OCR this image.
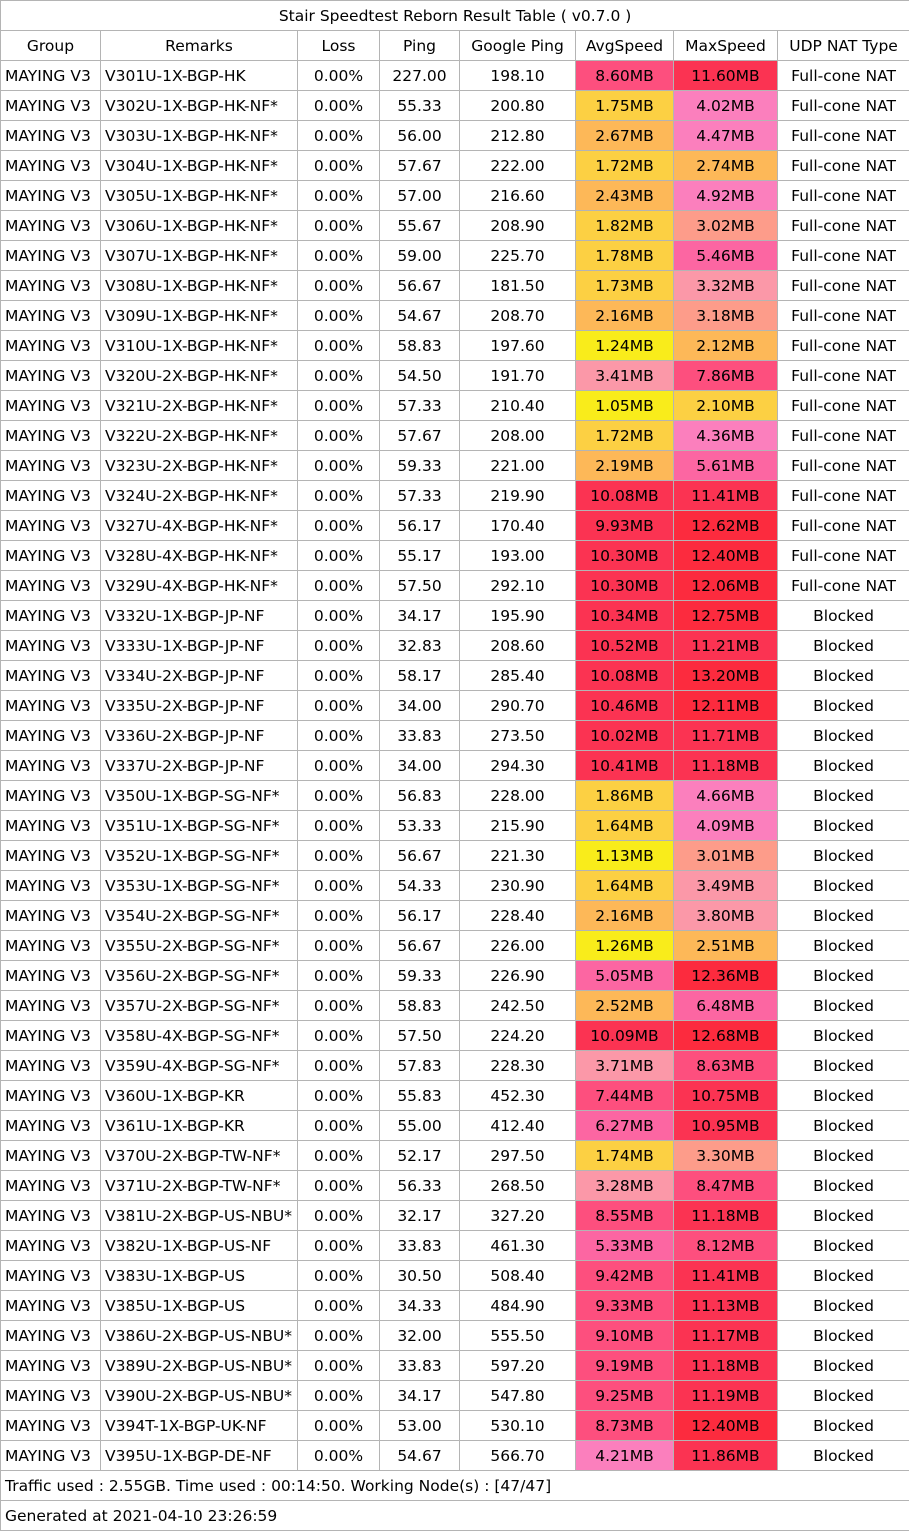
Stair Speedtest Reborn Result Table ( v0.7.0 )							
Group	Remarks	Loss	Ping	Google Ping	AvgSpeed	MaxSpeed	UDP NAT Type
MAYING V3	V301U-1X-BGP-HK	0.00%	227.00	198.10	8.60MB	11.60MB	Full-cone NAT
MAYING V3	V302U-1X-BGP-HK-NF*	0.00%	55.33	200.80	1.75MB	4.02MB	Full-cone NAT
MAYING V3	V303U-1X-BGP-HK-NF*	0.00%	56.00	212.80	2.67MB	4.47MB	Full-cone NAT
MAYING V3	V304U-1X-BGP-HK-NF*	0.00%	57.67	222.00	1.72MB	2.74MB	Full-cone NAT
MAYING V3	V305U-1X-BGP-HK-NF*	0.00%	57.00	216.60	2.43MB	4.92MB	Full-cone NAT
MAYING V3	V306U-1X-BGP-HK-NF*	0.00%	55.67	208.90	1.82MB	3.02MB	Full-cone NAT
MAYING V3	V307U-1X-BGP-HK-NF*	0.00%	59.00	225.70	1.78MB	5.46MB	Full-cone NAT
MAYING V3	V308U-1X-BGP-HK-NF*	0.00%	56.67	181.50	1.73MB	3.32MB	Full-cone NAT
MAYING V3	V309U-1X-BGP-HK-NF*	0.00%	54.67	208.70	2.16MB	3.18MB	Full-cone NAT
MAYING V3	V310U-1X-BGP-HK-NF*	0.00%	58.83	197.60	1.24MB	2.12MB	Full-cone NAT
MAYING V3	V320U-2X-BGP-HK-NF*	0.00%	54.50	191.70	3.41MB	7.86MB	Full-cone NAT
MAYING V3	V321U-2X-BGP-HK-NF*	0.00%	57.33	210.40	1.05MB	2.10MB	Full-cone NAT
MAYING V3	V322U-2X-BGP-HK-NF*	0.00%	57.67	208.00	1.72MB	4.36MB	Full-cone NAT
MAYING V3	V323U-2X-BGP-HK-NF*	0.00%	59.33	221.00	2.19MB	5.61MB	Full-cone NAT
MAYING V3	V324U-2X-BGP-HK-NF*	0.00%	57.33	219.90	10.08MB	11.41MB	Full-cone NAT
MAYING V3	V327U-4X-BGP-HK-NF*	0.00%	56.17	170.40	9.93MB	12.62MB	Full-cone NAT
MAYING V3	V328U-4X-BGP-HK-NF*	0.00%	55.17	193.00	10.30MB	12.40MB	Full-cone NAT
MAYING V3	V329U-4X-BGP-HK-NF*	0.00%	57.50	292.10	10.30MB	12.06MB	Full-cone NAT
MAYING V3	V332U-1X-BGP-JP-NF	0.00%	34.17	195.90	10.34MB	12.75MB	Blocked
MAYING V3	V333U-1X-BGP-JP-NF	0.00%	32.83	208.60	10.52MB	11.21MB	Blocked
MAYING V3	V334U-2X-BGP-JP-NF	0.00%	58.17	285.40	10.08MB	13.20MB	Blocked
MAYING V3	V335U-2X-BGP-JP-NF	0.00%	34.00	290.70	10.46MB	12.11MB	Blocked
MAYING V3	V336U-2X-BGP-JP-NF	0.00%	33.83	273.50	10.02MB	11.71MB	Blocked
MAYING V3	V337U-2X-BGP-JP-NF	0.00%	34.00	294.30	10.41MB	11.18MB	Blocked
MAYING V3	V350U-1X-BGP-SG-NF*	0.00%	56.83	228.00	1.86MB	4.66MB	Blocked
MAYING V3	V351U-1X-BGP-SG-NF*	0.00%	53.33	215.90	1.64MB	4.09MB	Blocked
MAYING V3	V352U-1X-BGP-SG-NF*	0.00%	56.67	221.30	1.13MB	3.01MB	Blocked
MAYING V3	V353U-1X-BGP-SG-NF*	0.00%	54.33	230.90	1.64MB	3.49MB	Blocked
MAYING V3	V354U-2X-BGP-SG-NF*	0.00%	56.17	228.40	2.16MB	3.80MB	Blocked
MAYING V3	V355U-2X-BGP-SG-NF*	0.00%	56.67	226.00	1.26MB	2.51MB	Blocked
MAYING V3	V356U-2X-BGP-SG-NF*	0.00%	59.33	226.90	5.05MB	12.36MB	Blocked
MAYING V3	V357U-2X-BGP-SG-NF*	0.00%	58.83	242.50	2.52MB	6.48MB	Blocked
MAYING V3	V358U-4X-BGP-SG-NF*	0.00%	57.50	224.20	10.09MB	12.68MB	Blocked
MAYING V3	V359U-4X-BGP-SG-NF*	0.00%	57.83	228.30	3.71MB	8.63MB	Blocked
MAYING V3	V360U-1X-BGP-KR	0.00%	55.83	452.30	7.44MB	10.75MB	Blocked
MAYING V3	V361U-1X-BGP-KR	0.00%	55.00	412.40	6.27MB	10.95MB	Blocked
MAYING V3	V370U-2X-BGP-TW-NF*	0.00%	52.17	297.50	1.74MB	3.30MB	Blocked
MAYING V3	V371U-2X-BGP-TW-NF*	0.00%	56.33	268.50	3.28MB	8.47MB	Blocked
MAYING V3	V381U-2X-BGP-US-NBU*	0.00%	32.17	327.20	8.55MB	11.18MB	Blocked
MAYING V3	V382U-1X-BGP-US-NF	0.00%	33.83	461.30	5.33MB	8.12MB	Blocked
MAYING V3	V383U-1X-BGP-US	0.00%	30.50	508.40	9.42MB	11.41MB	Blocked
MAYING V3	V385U-1X-BGP-US	0.00%	34.33	484.90	9.33MB	11.13MB	Blocked
MAYING V3	V386U-2X-BGP-US-NBU*	0.00%	32.00	555.50	9.10MB	11.17MB	Blocked
MAYING V3	V389U-2X-BGP-US-NBU*	0.00%	33.83	597.20	9.19MB	11.18MB	Blocked
MAYING V3	V390U-2X-BGP-US-NBU*	0.00%	34.17	547.80	9.25MB	11.19MB	Blocked
MAYING V3	V394T-1X-BGP-UK-NF	0.00%	53.00	530.10	8.73MB	12.40MB	Blocked
MAYING V3	V395U-1X-BGP-DE-NF	0.00%	54.67	566.70	4.21MB	11.86MB	Blocked
Traffic used : 2.55GB. Time used : 00:14:50. Working Node(s) : [47/47]							
Generated at 2021-04-10 23:26:59							
